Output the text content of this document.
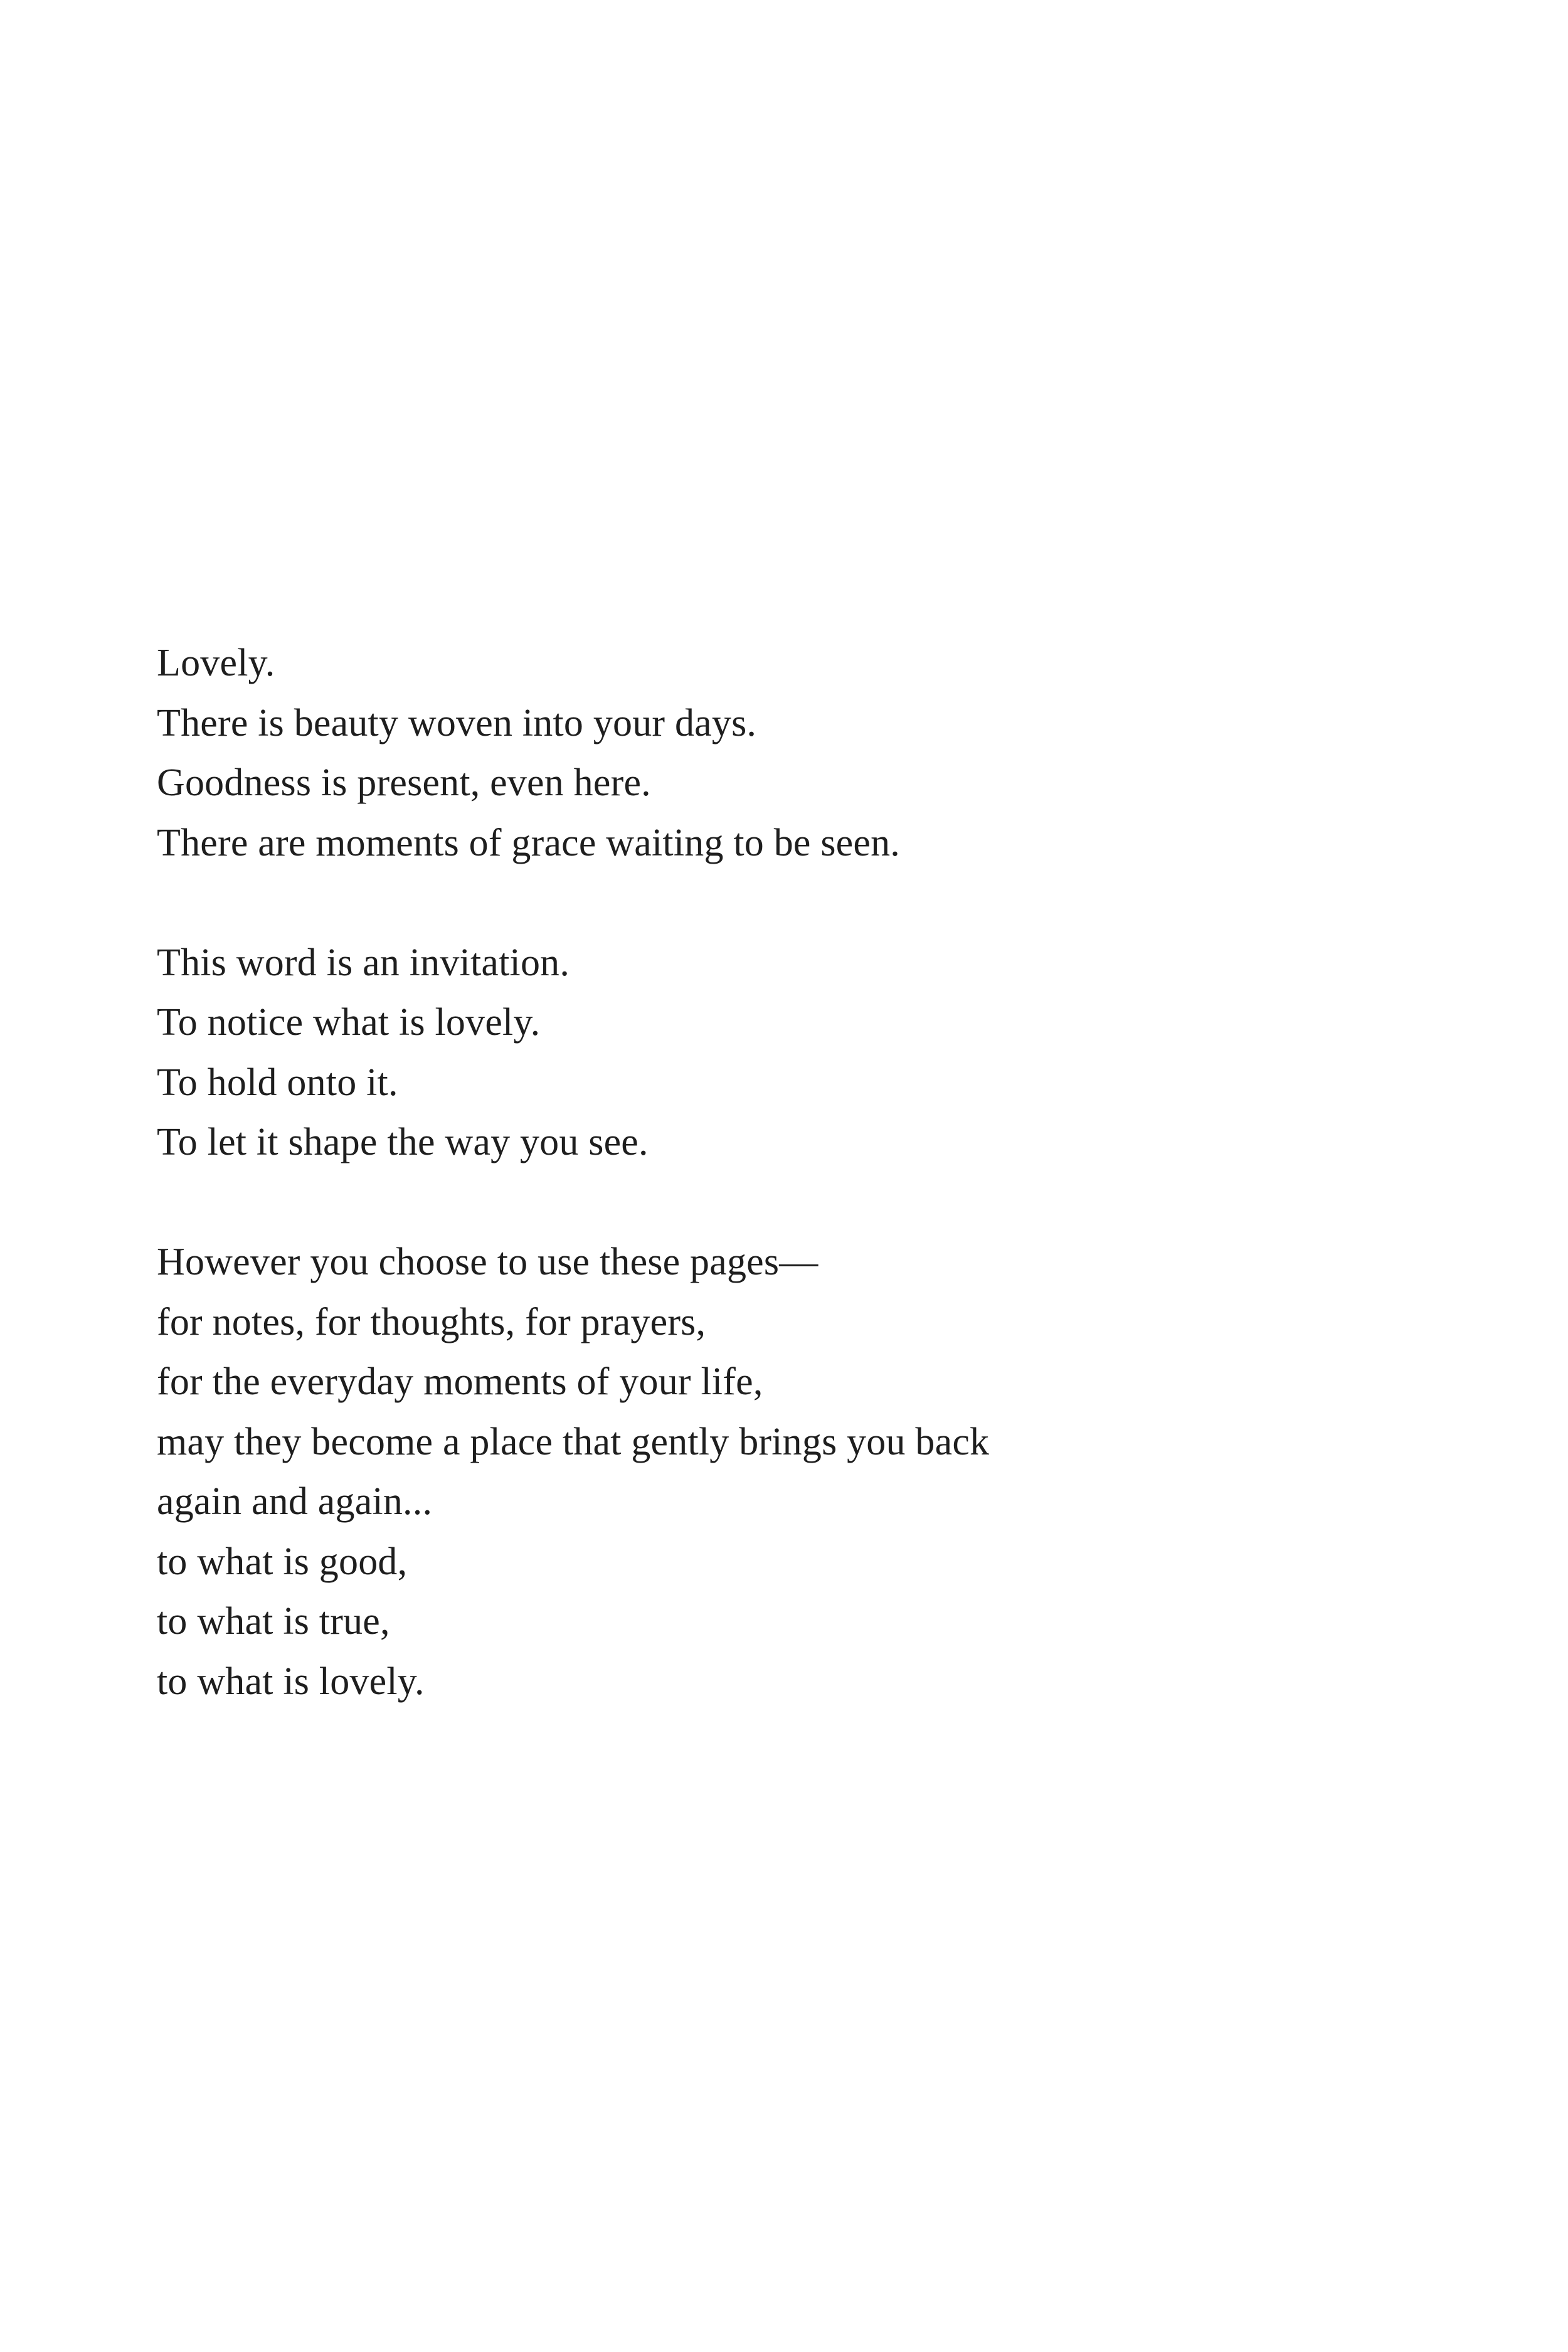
Lovely.
There is beauty woven into your days.
Goodness is present, even here.
There are moments of grace waiting to be seen.
This word is an invitation.
To notice what is lovely.
To hold onto it.
To let it shape the way you see.
However you choose to use these pages—
for notes, for thoughts, for prayers,
for the everyday moments of your life,
may they become a place that gently brings you back
again and again...
to what is good,
to what is true,
to what is lovely.
